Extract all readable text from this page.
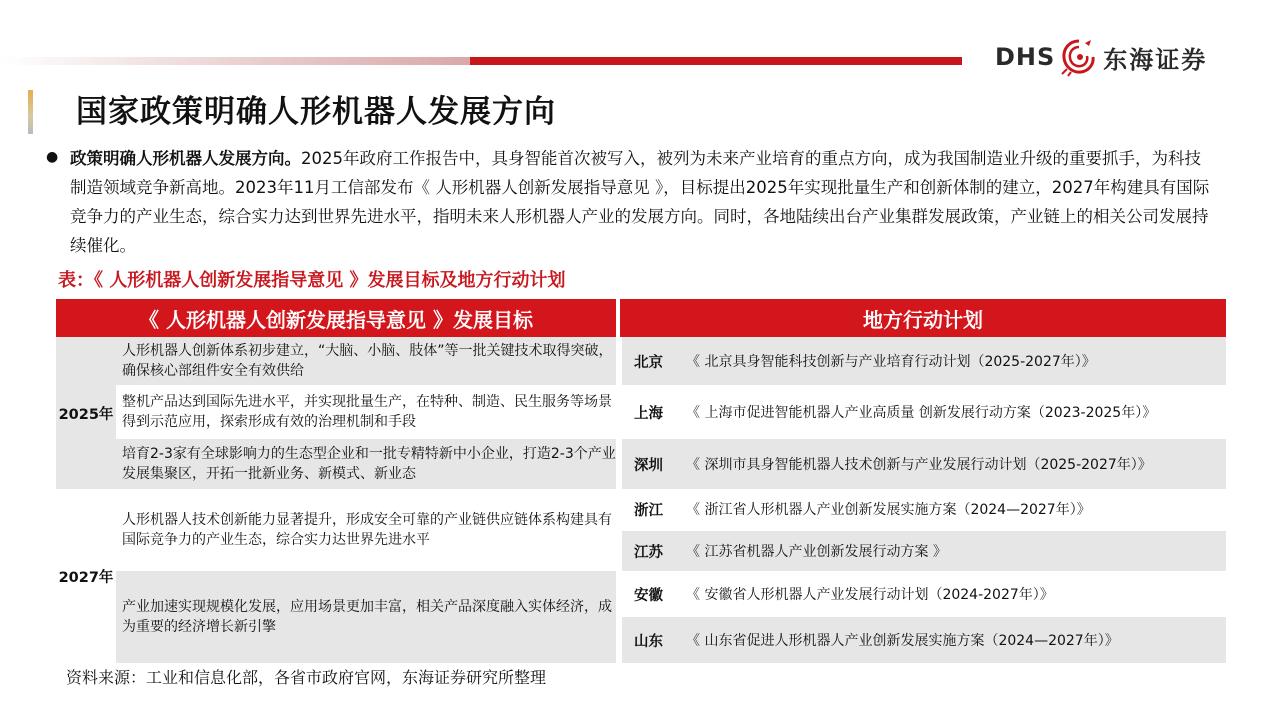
DHS 东海证券
国家政策明确人形机器人发展方向
● 政策明确人形机器人发展方向。2025年政府工作报告中，具身智能首次被写入，被列为未来产业培育的重点方向，成为我国制造业升级的重要抓手，为科技制造领域竞争新高地。2023年11月工信部发布《 人形机器人创新发展指导意见 》，目标提出2025年实现批量生产和创新体制的建立，2027年构建具有国际竞争力的产业生态，综合实力达到世界先进水平，指明未来人形机器人产业的发展方向。同时，各地陆续出台产业集群发展政策，产业链上的相关公司发展持续催化。
表：《 人形机器人创新发展指导意见 》发展目标及地方行动计划
《 人形机器人创新发展指导意见 》发展目标	地方行动计划
2025年
人形机器人创新体系初步建立，“大脑、小脑、肢体”等一批关键技术取得突破，确保核心部组件安全有效供给
整机产品达到国际先进水平，并实现批量生产，在特种、制造、民生服务等场景得到示范应用，探索形成有效的治理机制和手段
培育2-3家有全球影响力的生态型企业和一批专精特新中小企业，打造2-3个产业发展集聚区，开拓一批新业务、新模式、新业态
2027年
人形机器人技术创新能力显著提升，形成安全可靠的产业链供应链体系构建具有国际竞争力的产业生态，综合实力达世界先进水平
产业加速实现规模化发展，应用场景更加丰富，相关产品深度融入实体经济，成为重要的经济增长新引擎
北京 《 北京具身智能科技创新与产业培育行动计划（2025-2027年）》
上海 《 上海市促进智能机器人产业高质量 创新发展行动方案（2023-2025年）》
深圳 《 深圳市具身智能机器人技术创新与产业发展行动计划（2025-2027年）》
浙江 《 浙江省人形机器人产业创新发展实施方案（2024—2027年）》
江苏 《 江苏省机器人产业创新发展行动方案 》
安徽 《 安徽省人形机器人产业发展行动计划（2024-2027年）》
山东 《 山东省促进人形机器人产业创新发展实施方案（2024—2027年）》
资料来源：工业和信息化部，各省市政府官网，东海证券研究所整理
